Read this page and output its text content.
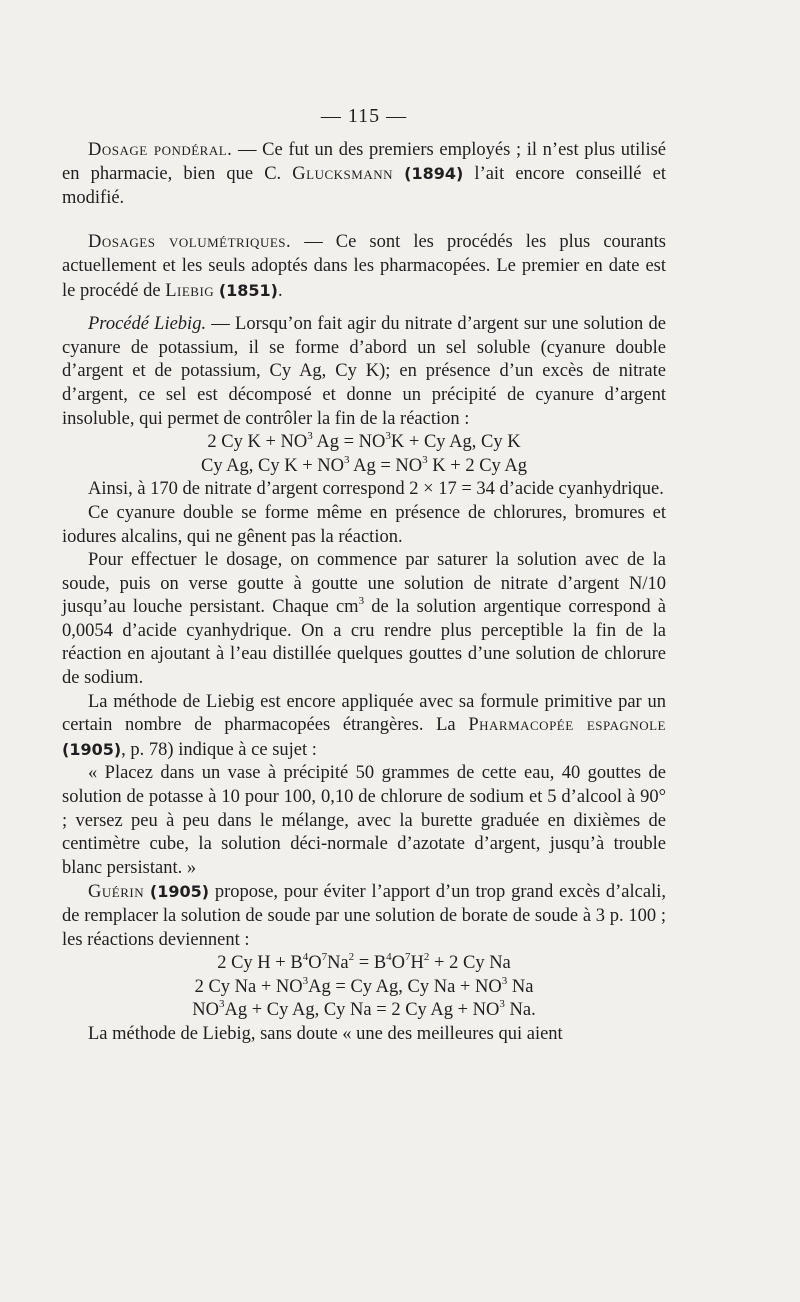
— 115 —

Dosage pondéral. — Ce fut un des premiers employés ; il n’est plus utilisé en pharmacie, bien que C. Glucksmann (1894) l’ait encore conseillé et modifié.

Dosages volumétriques. — Ce sont les procédés les plus courants actuellement et les seuls adoptés dans les pharmacopées. Le premier en date est le procédé de Liebig (1851).

Procédé Liebig. — Lorsqu’on fait agir du nitrate d’argent sur une solution de cyanure de potassium, il se forme d’abord un sel soluble (cyanure double d’argent et de potassium, Cy Ag, Cy K); en présence d’un excès de nitrate d’argent, ce sel est décomposé et donne un précipité de cyanure d’argent insoluble, qui permet de contrôler la fin de la réaction :

2 Cy $K + NO^3$ $Ag = NO^3K + Cy$ Ag, Cy K

Cy Ag, Cy $K + NO^3$ $Ag = NO^3$ K + 2 Cy Ag

Ainsi, à 170 de nitrate d’argent correspond 2 × 17 = 34 d’acide cyanhydrique.

Ce cyanure double se forme même en présence de chlorures, bromures et iodures alcalins, qui ne gênent pas la réaction.

Pour effectuer le dosage, on commence par saturer la solution avec de la soude, puis on verse goutte à goutte une solution de nitrate d’argent N/10 jusqu’au louche persistant. Chaque $cm^3$ de la solution argentique correspond à 0,0054 d’acide cyanhydrique. On a cru rendre plus perceptible la fin de la réaction en ajoutant à l’eau distillée quelques gouttes d’une solution de chlorure de sodium.

La méthode de Liebig est encore appliquée avec sa formule primitive par un certain nombre de pharmacopées étrangères. La Pharmacopée espagnole (1905), p. 78) indique à ce sujet :

« Placez dans un vase à précipité 50 grammes de cette eau, 40 gouttes de solution de potasse à 10 pour 100, 0,10 de chlorure de sodium et 5 d’alcool à 90° ; versez peu à peu dans le mélange, avec la burette graduée en dixièmes de centimètre cube, la solution déci-normale d’azotate d’argent, jusqu’à trouble blanc persistant. »

Guérin (1905) propose, pour éviter l’apport d’un trop grand excès d’alcali, de remplacer la solution de soude par une solution de borate de soude à 3 p. 100 ; les réactions deviennent :

2 Cy $H + B^4O^7Na^2 = B^4O^7H^2 + 2$ Cy Na

2 Cy $Na + NO^3Ag = Cy$ Ag, Cy $Na + NO^3$ Na

$NO^3Ag + Cy$ Ag, Cy Na = 2 Cy $Ag + NO^3$ Na.

La méthode de Liebig, sans doute « une des meilleures qui aient
